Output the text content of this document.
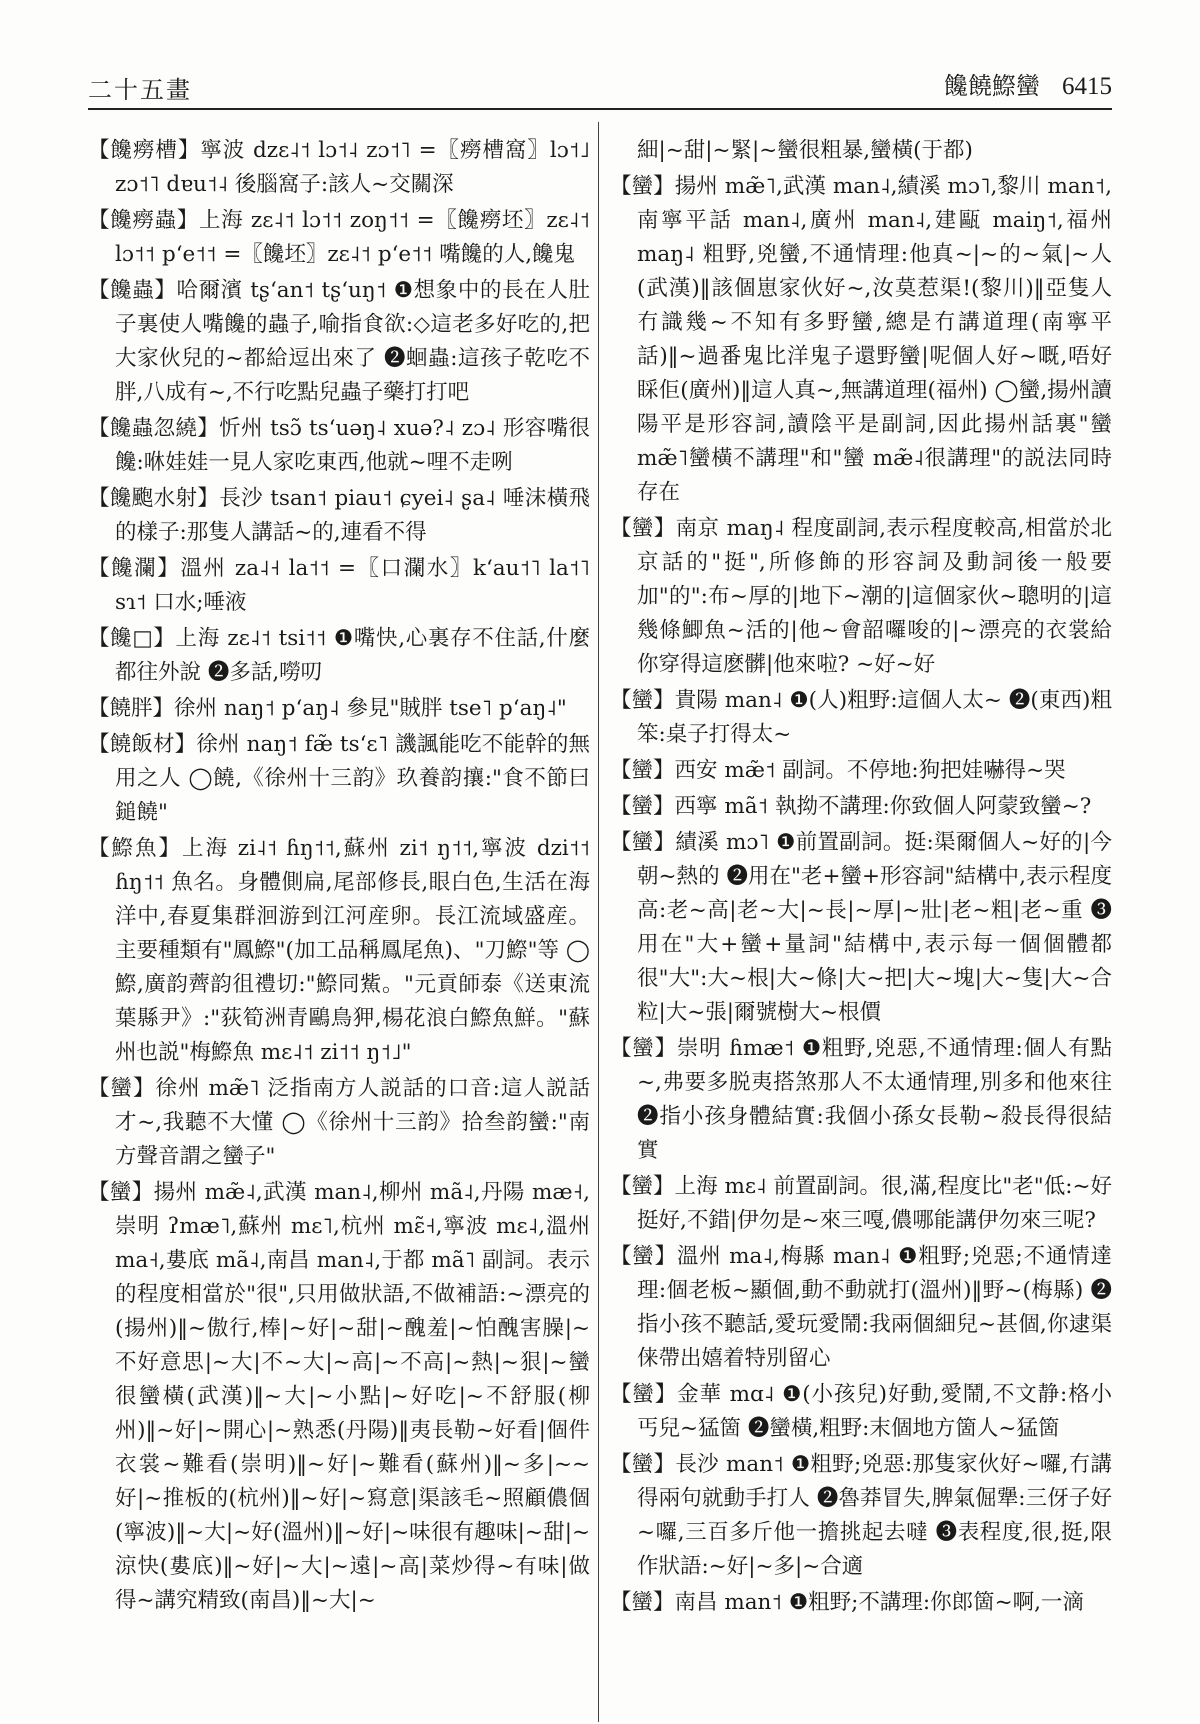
二十五畫	饞饒鰶蠻 6415

【饞癆槽】寧波 dzɛ˨˦ lɔ˦˨ zɔ˦˥ =〖癆槽窩〗lɔ˦˩ zɔ˦˥ dɐu˦˨ 後腦窩子:該人~交關深

【饞癆蟲】上海 zɛ˨˦ lɔ˦˦ zoŋ˦˦ =〖饞癆坯〗zɛ˨˦ lɔ˦˦ pʻe˦˦ =〖饞坯〗zɛ˨˦ pʻe˦˦ 嘴饞的人,饞鬼

【饞蟲】哈爾濱 tʂʻan˦ tʂʻuŋ˦ ❶想象中的長在人肚子裏使人嘴饞的蟲子,喻指食欲:◇這老多好吃的,把大家伙兒的~都給逗出來了 ❷蛔蟲:這孩子乾吃不胖,八成有~,不行吃點兒蟲子藥打打吧

【饞蟲忽繞】忻州 tsɔ̃ tsʻuəŋ˨ xuə?˨ zɔ˨ 形容嘴很饞:咻娃娃一見人家吃東西,他就~哩不走咧

【饞颮水射】長沙 tsan˦ piau˦ ɕyei˨ ʂa˨ 唾沫橫飛的樣子:那隻人講話~的,連看不得

【饞瀾】溫州 za˨˧ la˦˦ =〖口瀾水〗kʻau˦˥ la˦˥ sɿ˦ 口水;唾液

【饞□】上海 zɛ˨˦ tsi˦˦ ❶嘴快,心裏存不住話,什麼都往外說 ❷多話,嘮叨

【饒胖】徐州 naŋ˦ pʻaŋ˨ 參見"賊胖 tse˥ pʻaŋ˨"

【饒飯材】徐州 naŋ˦ fæ̃ tsʻɛ˥ 譏諷能吃不能幹的無用之人 ◯饒,《徐州十三韵》玖養韵攘:"食不節曰鎚饒"

【鰶魚】上海 zi˨˦ ɦŋ˦˦,蘇州 zi˦ ŋ˦˦,寧波 dzi˦˦ ɦŋ˦˦ 魚名。身體側扁,尾部修長,眼白色,生活在海洋中,春夏集群洄游到江河産卵。長江流域盛産。主要種類有"鳳鰶"(加工品稱鳳尾魚)、"刀鰶"等 ◯鰶,廣韵薺韵徂禮切:"鰶同鮆。"元貢師泰《送東流葉縣尹》:"荻筍洲青鷗鳥狎,楊花浪白鰶魚鮮。"蘇州也説"梅鰶魚 mɛ˨˦ zi˦˦ ŋ˦˩"

【蠻】徐州 mæ̃˥ 泛指南方人説話的口音:這人説話才~,我聽不大懂 ◯《徐州十三韵》拾叁韵蠻:"南方聲音謂之蠻子"

【蠻】揚州 mæ̃˨,武漢 man˨,柳州 mã˨,丹陽 mæ˧,崇明 ʔmæ˥,蘇州 mɛ˥,杭州 mɛ̃˧,寧波 mɛ˨,溫州 ma˧,婁底 mã˨,南昌 man˨,于都 mã˥ 副詞。表示的程度相當於"很",只用做狀語,不做補語:~漂亮的(揚州)‖~傲行,棒|~好|~甜|~醜羞|~怕醜害臊|~不好意思|~大|不~大|~高|~不高|~熱|~狠|~蠻很蠻橫(武漢)‖~大|~小點|~好吃|~不舒服(柳州)‖~好|~開心|~熟悉(丹陽)‖夷長勒~好看|個件衣裳~難看(崇明)‖~好|~難看(蘇州)‖~多|~~好|~推板的(杭州)‖~好|~寫意|渠該毛~照顧儂個(寧波)‖~大|~好(溫州)‖~好|~味很有趣味|~甜|~涼快(婁底)‖~好|~大|~遠|~高|菜炒得~有味|做得~講究精致(南昌)‖~大|~

細|~甜|~緊|~蠻很粗暴,蠻橫(于都)

【蠻】揚州 mæ̃˥,武漢 man˨,績溪 mɔ˥,黎川 man˦,南寧平話 man˨,廣州 man˨,建甌 maiŋ˦,福州 maŋ˨ 粗野,兇蠻,不通情理:他真~|~的~氣|~人(武漢)‖該個崽家伙好~,汝莫惹渠!(黎川)‖亞隻人冇識幾~不知有多野蠻,總是冇講道理(南寧平話)‖~過番鬼比洋鬼子還野蠻|呢個人好~嘅,唔好睬佢(廣州)‖這人真~,無講道理(福州) ◯蠻,揚州讀陽平是形容詞,讀陰平是副詞,因此揚州話裏"蠻 mæ̃˥蠻橫不講理"和"蠻 mæ̃˨很講理"的説法同時存在

【蠻】南京 maŋ˨ 程度副詞,表示程度較高,相當於北京話的"挺",所修飾的形容詞及動詞後一般要加"的":布~厚的|地下~潮的|這個家伙~聰明的|這幾條鯽魚~活的|他~會韶囉唆的|~漂亮的衣裳給你穿得這麽髒|他來啦? ~好~好

【蠻】貴陽 man˨ ❶(人)粗野:這個人太~ ❷(東西)粗笨:桌子打得太~

【蠻】西安 mæ̃˦ 副詞。不停地:狗把娃嚇得~哭

【蠻】西寧 mã˦ 執拗不講理:你致個人阿蒙致蠻~?

【蠻】績溪 mɔ˥ ❶前置副詞。挺:渠爾個人~好的|今朝~熱的 ❷用在"老+蠻+形容詞"結構中,表示程度高:老~高|老~大|~長|~厚|~壯|老~粗|老~重 ❸用在"大+蠻+量詞"結構中,表示每一個個體都很"大":大~根|大~條|大~把|大~塊|大~隻|大~合粒|大~張|爾號樹大~根價

【蠻】崇明 ɦmæ˦ ❶粗野,兇惡,不通情理:個人有點~,弗要多脱夷搭煞那人不太通情理,別多和他來往 ❷指小孩身體結實:我個小孫女長勒~殺長得很結實

【蠻】上海 mɛ˨ 前置副詞。很,滿,程度比"老"低:~好挺好,不錯|伊勿是~來三嘎,儂哪能講伊勿來三呢?

【蠻】溫州 ma˨,梅縣 man˨ ❶粗野;兇惡;不通情達理:個老板~顯個,動不動就打(溫州)‖野~(梅縣) ❷指小孩不聽話,愛玩愛鬧:我兩個細兒~甚個,你逮渠俫帶出嬉着特別留心

【蠻】金華 mɑ˨ ❶(小孩兒)好動,愛鬧,不文静:格小丐兒~猛箇 ❷蠻橫,粗野:末個地方箇人~猛箇

【蠻】長沙 man˦ ❶粗野;兇惡:那隻家伙好~囉,冇講得兩句就動手打人 ❷魯莽冒失,脾氣倔犟:三伢子好~囉,三百多斤他一擔挑起去噠 ❸表程度,很,挺,限作狀語:~好|~多|~合適

【蠻】南昌 man˦ ❶粗野;不講理:你郎箇~啊,一滴
